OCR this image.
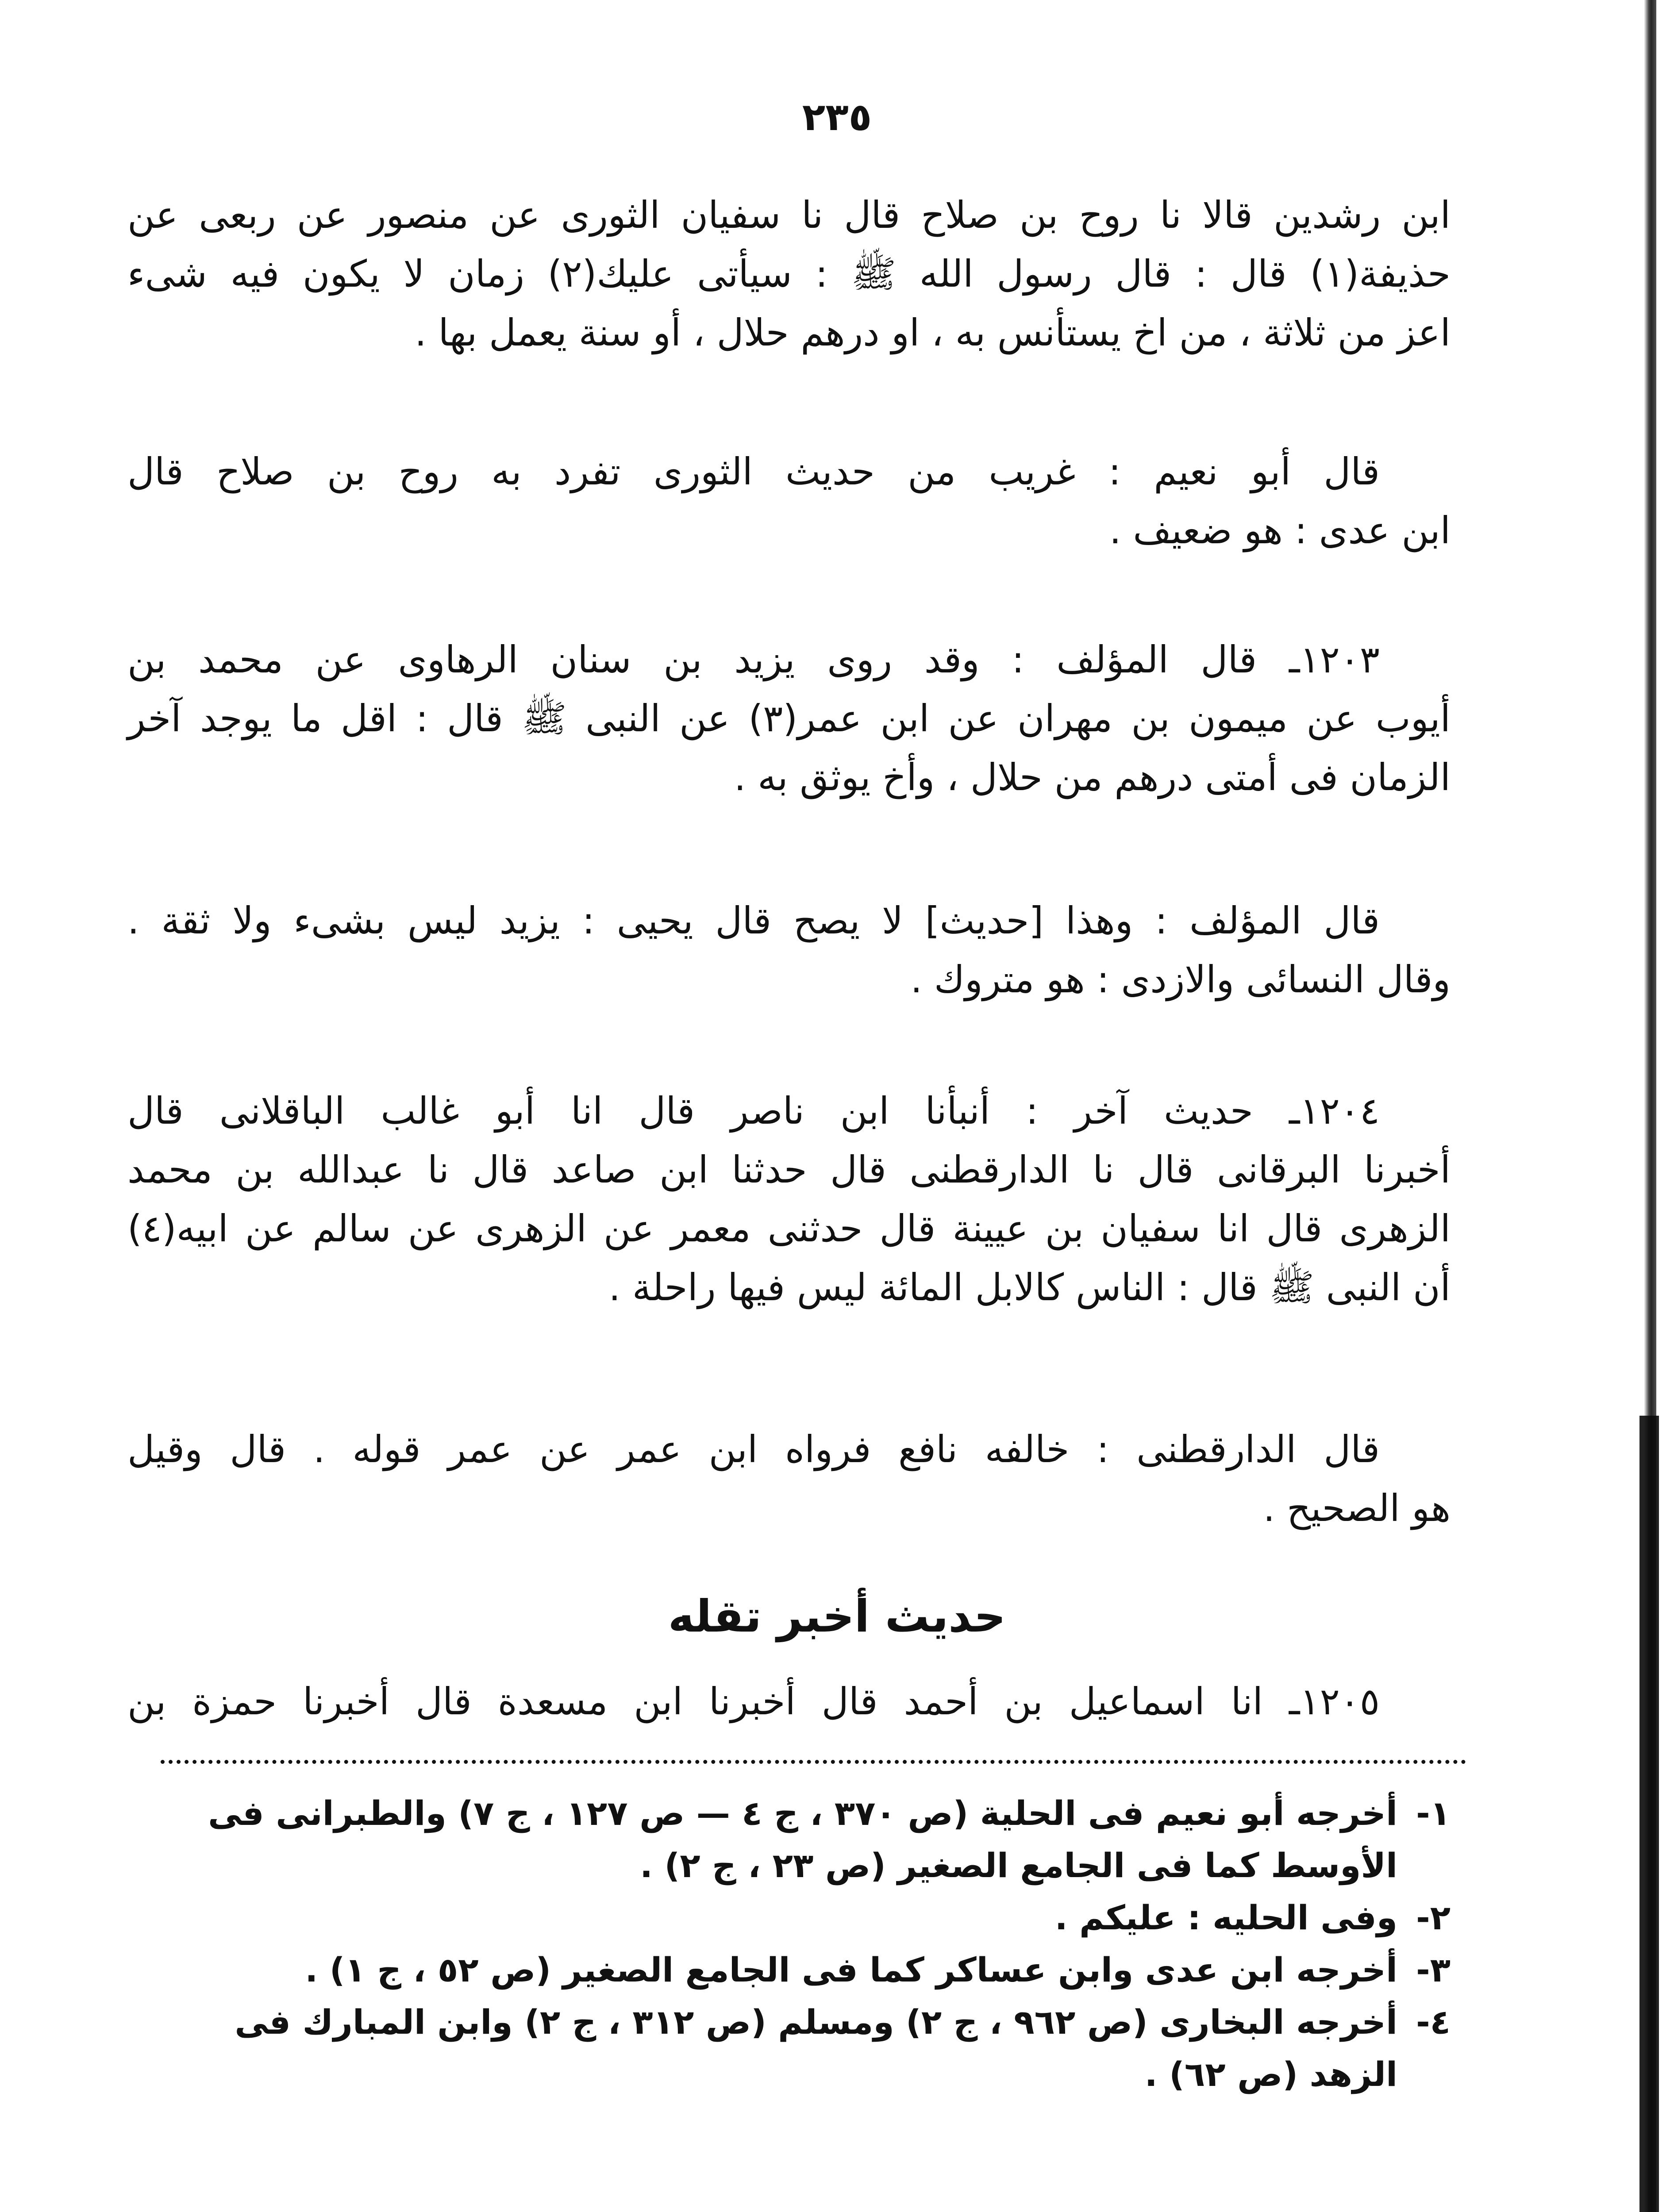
٢٣٥

ابن رشدين قالا نا روح بن صلاح قال نا سفيان الثورى عن منصور عن ربعى عن
حذيفة(١) قال : قال رسول الله ﷺ : سيأتى عليك(٢) زمان لا يكون فيه شىء
اعز من ثلاثة ، من اخ يستأنس به ، او درهم حلال ، أو سنة يعمل بها .

قال أبو نعيم : غريب من حديث الثورى تفرد به روح بن صلاح قال
ابن عدى : هو ضعيف .

١٢٠٣ـ قال المؤلف : وقد روى يزيد بن سنان الرهاوى عن محمد بن
أيوب عن ميمون بن مهران عن ابن عمر(٣) عن النبى ﷺ قال : اقل ما يوجد آخر
الزمان فى أمتى درهم من حلال ، وأخ يوثق به .

قال المؤلف : وهذا [حديث] لا يصح قال يحيى : يزيد ليس بشىء ولا ثقة .
وقال النسائى والازدى : هو متروك .

١٢٠٤ـ حديث آخر : أنبأنا ابن ناصر قال انا أبو غالب الباقلانى قال
أخبرنا البرقانى قال نا الدارقطنى قال حدثنا ابن صاعد قال نا عبدالله بن محمد
الزهرى قال انا سفيان بن عيينة قال حدثنى معمر عن الزهرى عن سالم عن ابيه(٤)
أن النبى ﷺ قال : الناس كالابل المائة ليس فيها راحلة .

قال الدارقطنى : خالفه نافع فرواه ابن عمر عن عمر قوله . قال وقيل
هو الصحيح .

حديث أخبر تقله

١٢٠٥ـ انا اسماعيل بن أحمد قال أخبرنا ابن مسعدة قال أخبرنا حمزة بن

١-أخرجه أبو نعيم فى الحلية (ص ٣٧٠ ، ج ٤ — ص ١٢٧ ، ج ٧) والطبرانى فى
الأوسط كما فى الجامع الصغير (ص ٢٣ ، ج ٢) .
٢-وفى الحليه : عليكم .
٣-أخرجه ابن عدى وابن عساكر كما فى الجامع الصغير (ص ٥٢ ، ج ١) .
٤-أخرجه البخارى (ص ٩٦٢ ، ج ٢) ومسلم (ص ٣١٢ ، ج ٢) وابن المبارك فى
الزهد (ص ٦٢) .
